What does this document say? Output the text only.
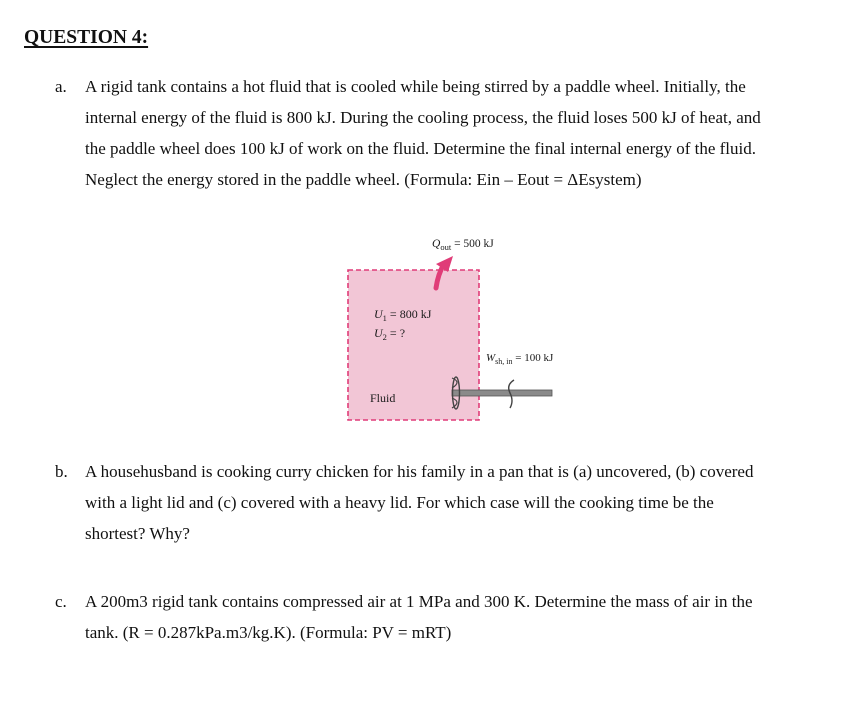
QUESTION 4:
a. A rigid tank contains a hot fluid that is cooled while being stirred by a paddle wheel. Initially, the
internal energy of the fluid is 800 kJ. During the cooling process, the fluid loses 500 kJ of heat, and
the paddle wheel does 100 kJ of work on the fluid. Determine the final internal energy of the fluid.
Neglect the energy stored in the paddle wheel. (Formula: Ein – Eout = ΔEsystem)

$Q_{out} = 500$ kJ
$U_1 = 800$ kJ
$U_2$ = ?
$W_{sh, in} = 100$ kJ
Fluid
b. A househusband is cooking curry chicken for his family in a pan that is (a) uncovered, (b) covered
with a light lid and (c) covered with a heavy lid. For which case will the cooking time be the
shortest? Why?

c. A 200m3 rigid tank contains compressed air at 1 MPa and 300 K. Determine the mass of air in the
tank. (R = 0.287kPa.m3/kg.K). (Formula: PV = mRT)
